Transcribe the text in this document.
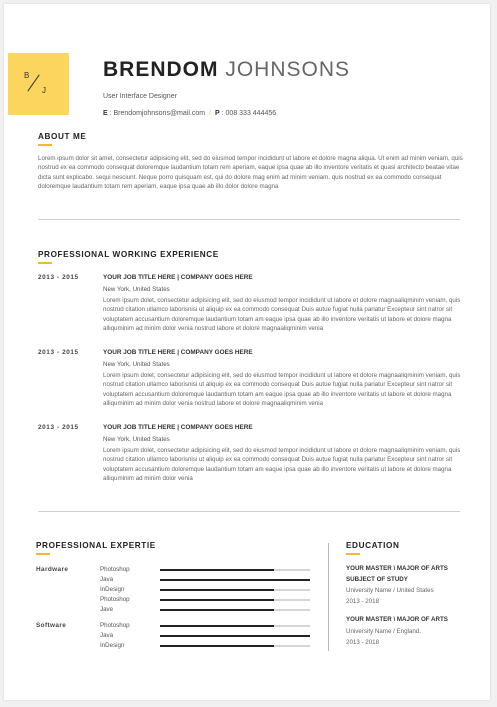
B
J
BRENDOM JOHNSONS
User Interface Designer
E : Brendomjohnsons@mail.com / P : 008 333 444456
ABOUT ME
Lorem ipsum dolor sit amet, consectetur adipisicing elit, sed do eiusmod tempor incididunt ut labore et dolore magna aliqua. Ut enim ad minim veniam, quis nostrud ex ea commodo consequat doloremque laudantium totam rem aperiam, eaque ipsa quae ab illo inventore veritatis et quasi architecto beatae vitae dicta sunt explicabo. sequi nesciunt. Neque porro quisquam est, qui do dolore mag enim ad minim veniam, quis nostrud ex ea commodo consequat doloremque laudantium totam rem aperiam, eaque ipsa quae ab illo dolor dolore magna
PROFESSIONAL WORKING EXPERIENCE
2013 - 2015	YOUR JOB TITLE HERE | COMPANY GOES HERE
New York, United States
Lorem ipsum dolet, consectetur adipisicing elit, sed do eiusmod tempor incididunt ut labore et dolore magnaaliqminim veniam, quis nostrud citation ullamco laborisnisi ut aliquip ex ea commodo consequat Duis autue fugiat nulla pariatur Excepteur sint natror sit voluptatem accusantium doloremque laudantium totam am eaque ipsa quae ab illo inventore veritatis ut labore et dolore magna alliquminim ad minim dolor venia nostrud labore et dolore magnaaliqminim venia
2013 - 2015	YOUR JOB TITLE HERE | COMPANY GOES HERE
New York, United States
Lorem ipsum dolet, consectetur adipisicing elit, sed do eiusmod tempor incididunt ut labore et dolore magnaaliqminim veniam, quis nostrud citation ullamco laborisnisi ut aliquip ex ea commodo consequat Duis autue fugiat nulla pariatur Excepteur sint natror sit voluptatem accusantium doloremque laudantium totam am eaque ipsa quae ab illo inventore veritatis ut labore et dolore magna alliquminim ad minim dolor venia nostrud labore et dolore magnaaliqminim venia
2013 - 2015	YOUR JOB TITLE HERE | COMPANY GOES HERE
New York, United States
Lorem ipsum dolet, consectetur adipisicing elit, sed do eiusmod tempor incididunt ut labore et dolore magnaaliqminim veniam, quis nostrud citation ullamco laborisnisi ut aliquip ex ea commodo consequat Duis autue fugiat nulla pariatur Excepteur sint natror sit voluptatem accusantium doloremque laudantium totam am eaque ipsa quae ab illo inventore veritatis ut labore et dolore magna alliquminim ad minim dolor venia
PROFESSIONAL EXPERTIE
Hardware	Photoshop
Java
InDesign
Photoshop
Jave
Software	Photoshop
Java
InDesign
EDUCATION
YOUR MASTER \ MAJOR OF ARTS
SUBJECT OF STUDY
University Name / United States
2013 - 2018
YOUR MASTER \ MAJOR OF ARTS
University Name / England,
2013 - 2018
